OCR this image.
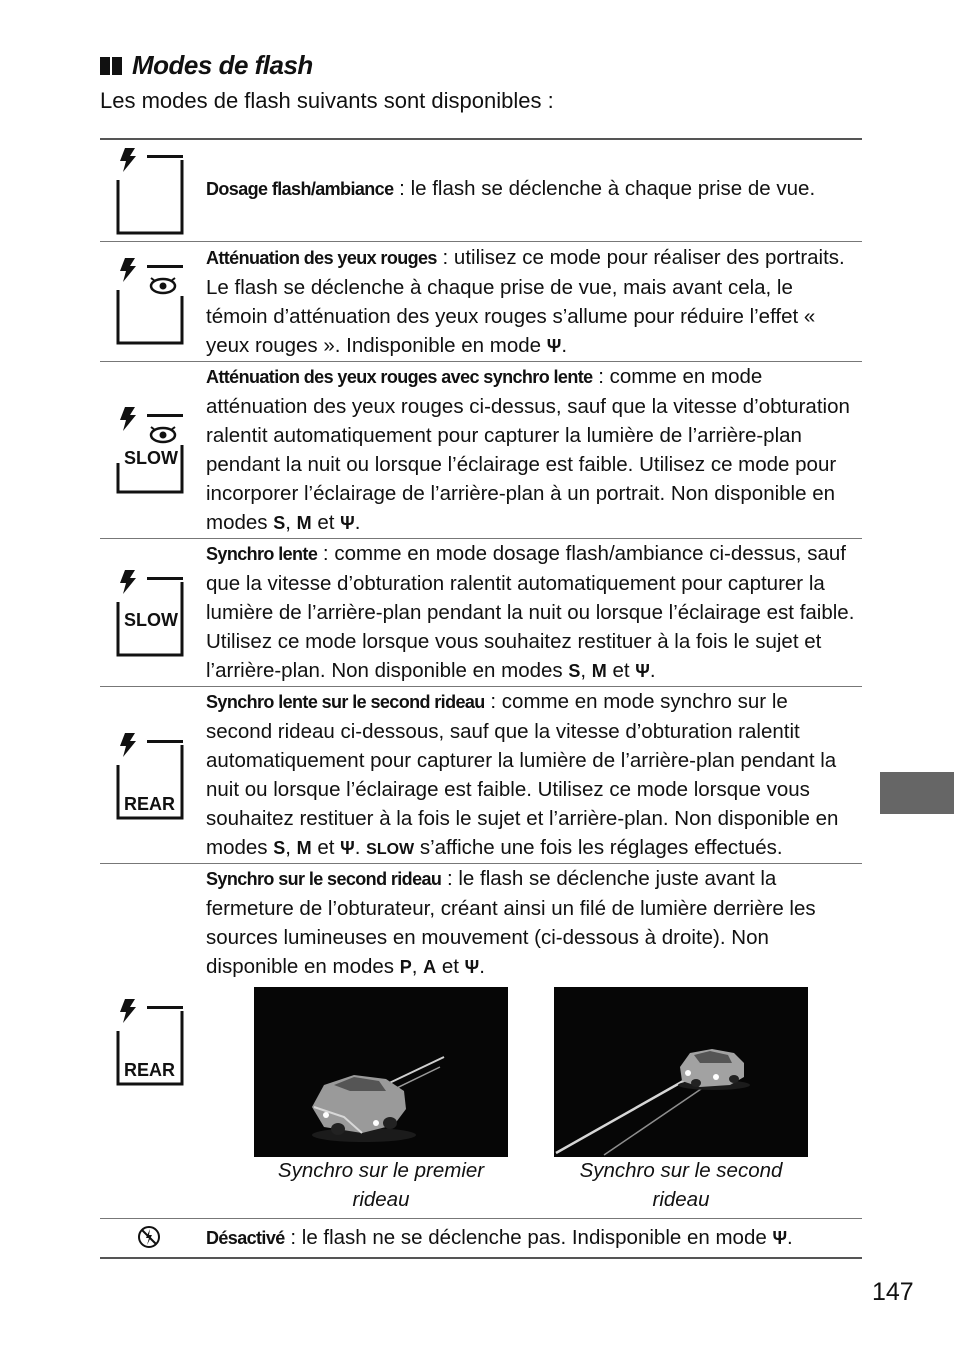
Modes de flash
Les modes de flash suivants sont disponibles :
Dosage flash/ambiance : le flash se déclenche à chaque prise de vue.
Atténuation des yeux rouges : utilisez ce mode pour réaliser des portraits. Le flash se déclenche à chaque prise de vue, mais avant cela, le témoin d’atténuation des yeux rouges s’allume pour réduire l’effet « yeux rouges ». Indisponible en mode Ψ.
SLOW
Atténuation des yeux rouges avec synchro lente : comme en mode atténuation des yeux rouges ci-dessus, sauf que la vitesse d’obturation ralentit automatiquement pour capturer la lumière de l’arrière-plan pendant la nuit ou lorsque l’éclairage est faible. Utilisez ce mode pour incorporer l’éclairage de l’arrière-plan à un portrait. Non disponible en modes S, M et Ψ.
SLOW
Synchro lente : comme en mode dosage flash/ambiance ci-dessus, sauf que la vitesse d’obturation ralentit automatiquement pour capturer la lumière de l’arrière-plan pendant la nuit ou lorsque l’éclairage est faible. Utilisez ce mode lorsque vous souhaitez restituer à la fois le sujet et l’arrière-plan. Non disponible en modes S, M et Ψ.
REAR
Synchro lente sur le second rideau : comme en mode synchro sur le second rideau ci-dessous, sauf que la vitesse d’obturation ralentit automatiquement pour capturer la lumière de l’arrière-plan pendant la nuit ou lorsque l’éclairage est faible. Utilisez ce mode lorsque vous souhaitez restituer à la fois le sujet et l’arrière-plan. Non disponible en modes S, M et Ψ. SLOW s’affiche une fois les réglages effectués.
REAR
Synchro sur le second rideau : le flash se déclenche juste avant la fermeture de l’obturateur, créant ainsi un filé de lumière derrière les sources lumineuses en mouvement (ci-dessous à droite). Non disponible en modes P, A et Ψ.
Synchro sur le premier rideau
Synchro sur le second rideau
Désactivé : le flash ne se déclenche pas. Indisponible en mode Ψ.
147
